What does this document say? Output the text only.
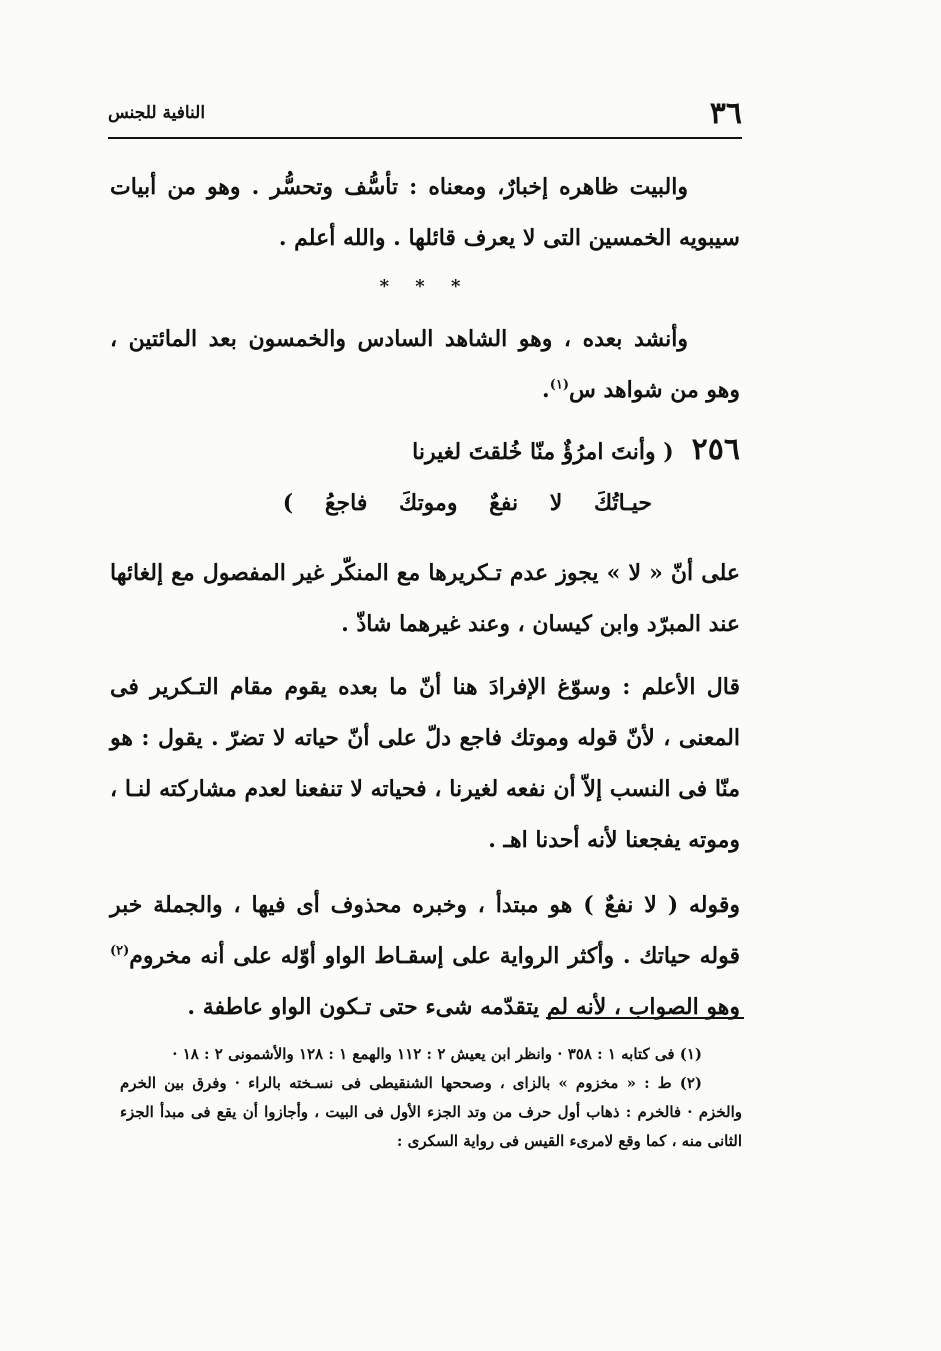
٣٦
النافية للجنس

والبيت ظاهره إخبارٌ، ومعناه : تأسُّف وتحسُّر . وهو من أبيات سيبويه الخمسين التى لا يعرف قائلها . والله أعلم .

* * *

وأنشد بعده ، وهو الشاهد السادس والخمسون بعد المائتين ، وهو من شواهد س$^{(١)}$.

٢٥٦
( وأنتَ امرُؤٌ منّا خُلقتَ لغيرنا
حيـاتُكَ لا نفعٌ وموتكَ فاجعُ )

على أنّ « لا » يجوز عدم تـكريرها مع المنكّر غير المفصول مع إلغائها عند المبرّد وابن كيسان ، وعند غيرهما شاذّ .

قال الأعلم : وسوّغ الإفرادَ هنا أنّ ما بعده يقوم مقام التـكرير فى المعنى ، لأنّ قوله وموتك فاجع دلّ على أنّ حياته لا تضرّ . يقول : هو منّا فى النسب إلاّ أن نفعه لغيرنا ، فحياته لا تنفعنا لعدم مشاركته لنـا ، وموته يفجعنا لأنه أحدنا اهـ .

وقوله ( لا نفعٌ ) هو مبتدأ ، وخبره محذوف أى فيها ، والجملة خبر قوله حياتك . وأكثر الرواية على إسقـاط الواو أوّله على أنه مخروم$^{(٢)}$ وهو الصواب ، لأنه لم يتقدّمه شىء حتى تـكون الواو عاطفة .

(١) فى كتابه ١ : ٣٥٨ · وانظر ابن يعيش ٢ : ١١٢ والهمع ١ : ١٢٨ والأشمونى ٢ : ١٨ ·

(٢) ط : « مخزوم » بالزاى ، وصححها الشنقيطى فى نسـخته بالراء · وفرق بين الخرم والخزم · فالخرم : ذهاب أول حرف من وتد الجزء الأول فى البيت ، وأجازوا أن يقع فى مبدأ الجزء الثانى منه ، كما وقع لامرىء القيس فى رواية السكرى :
